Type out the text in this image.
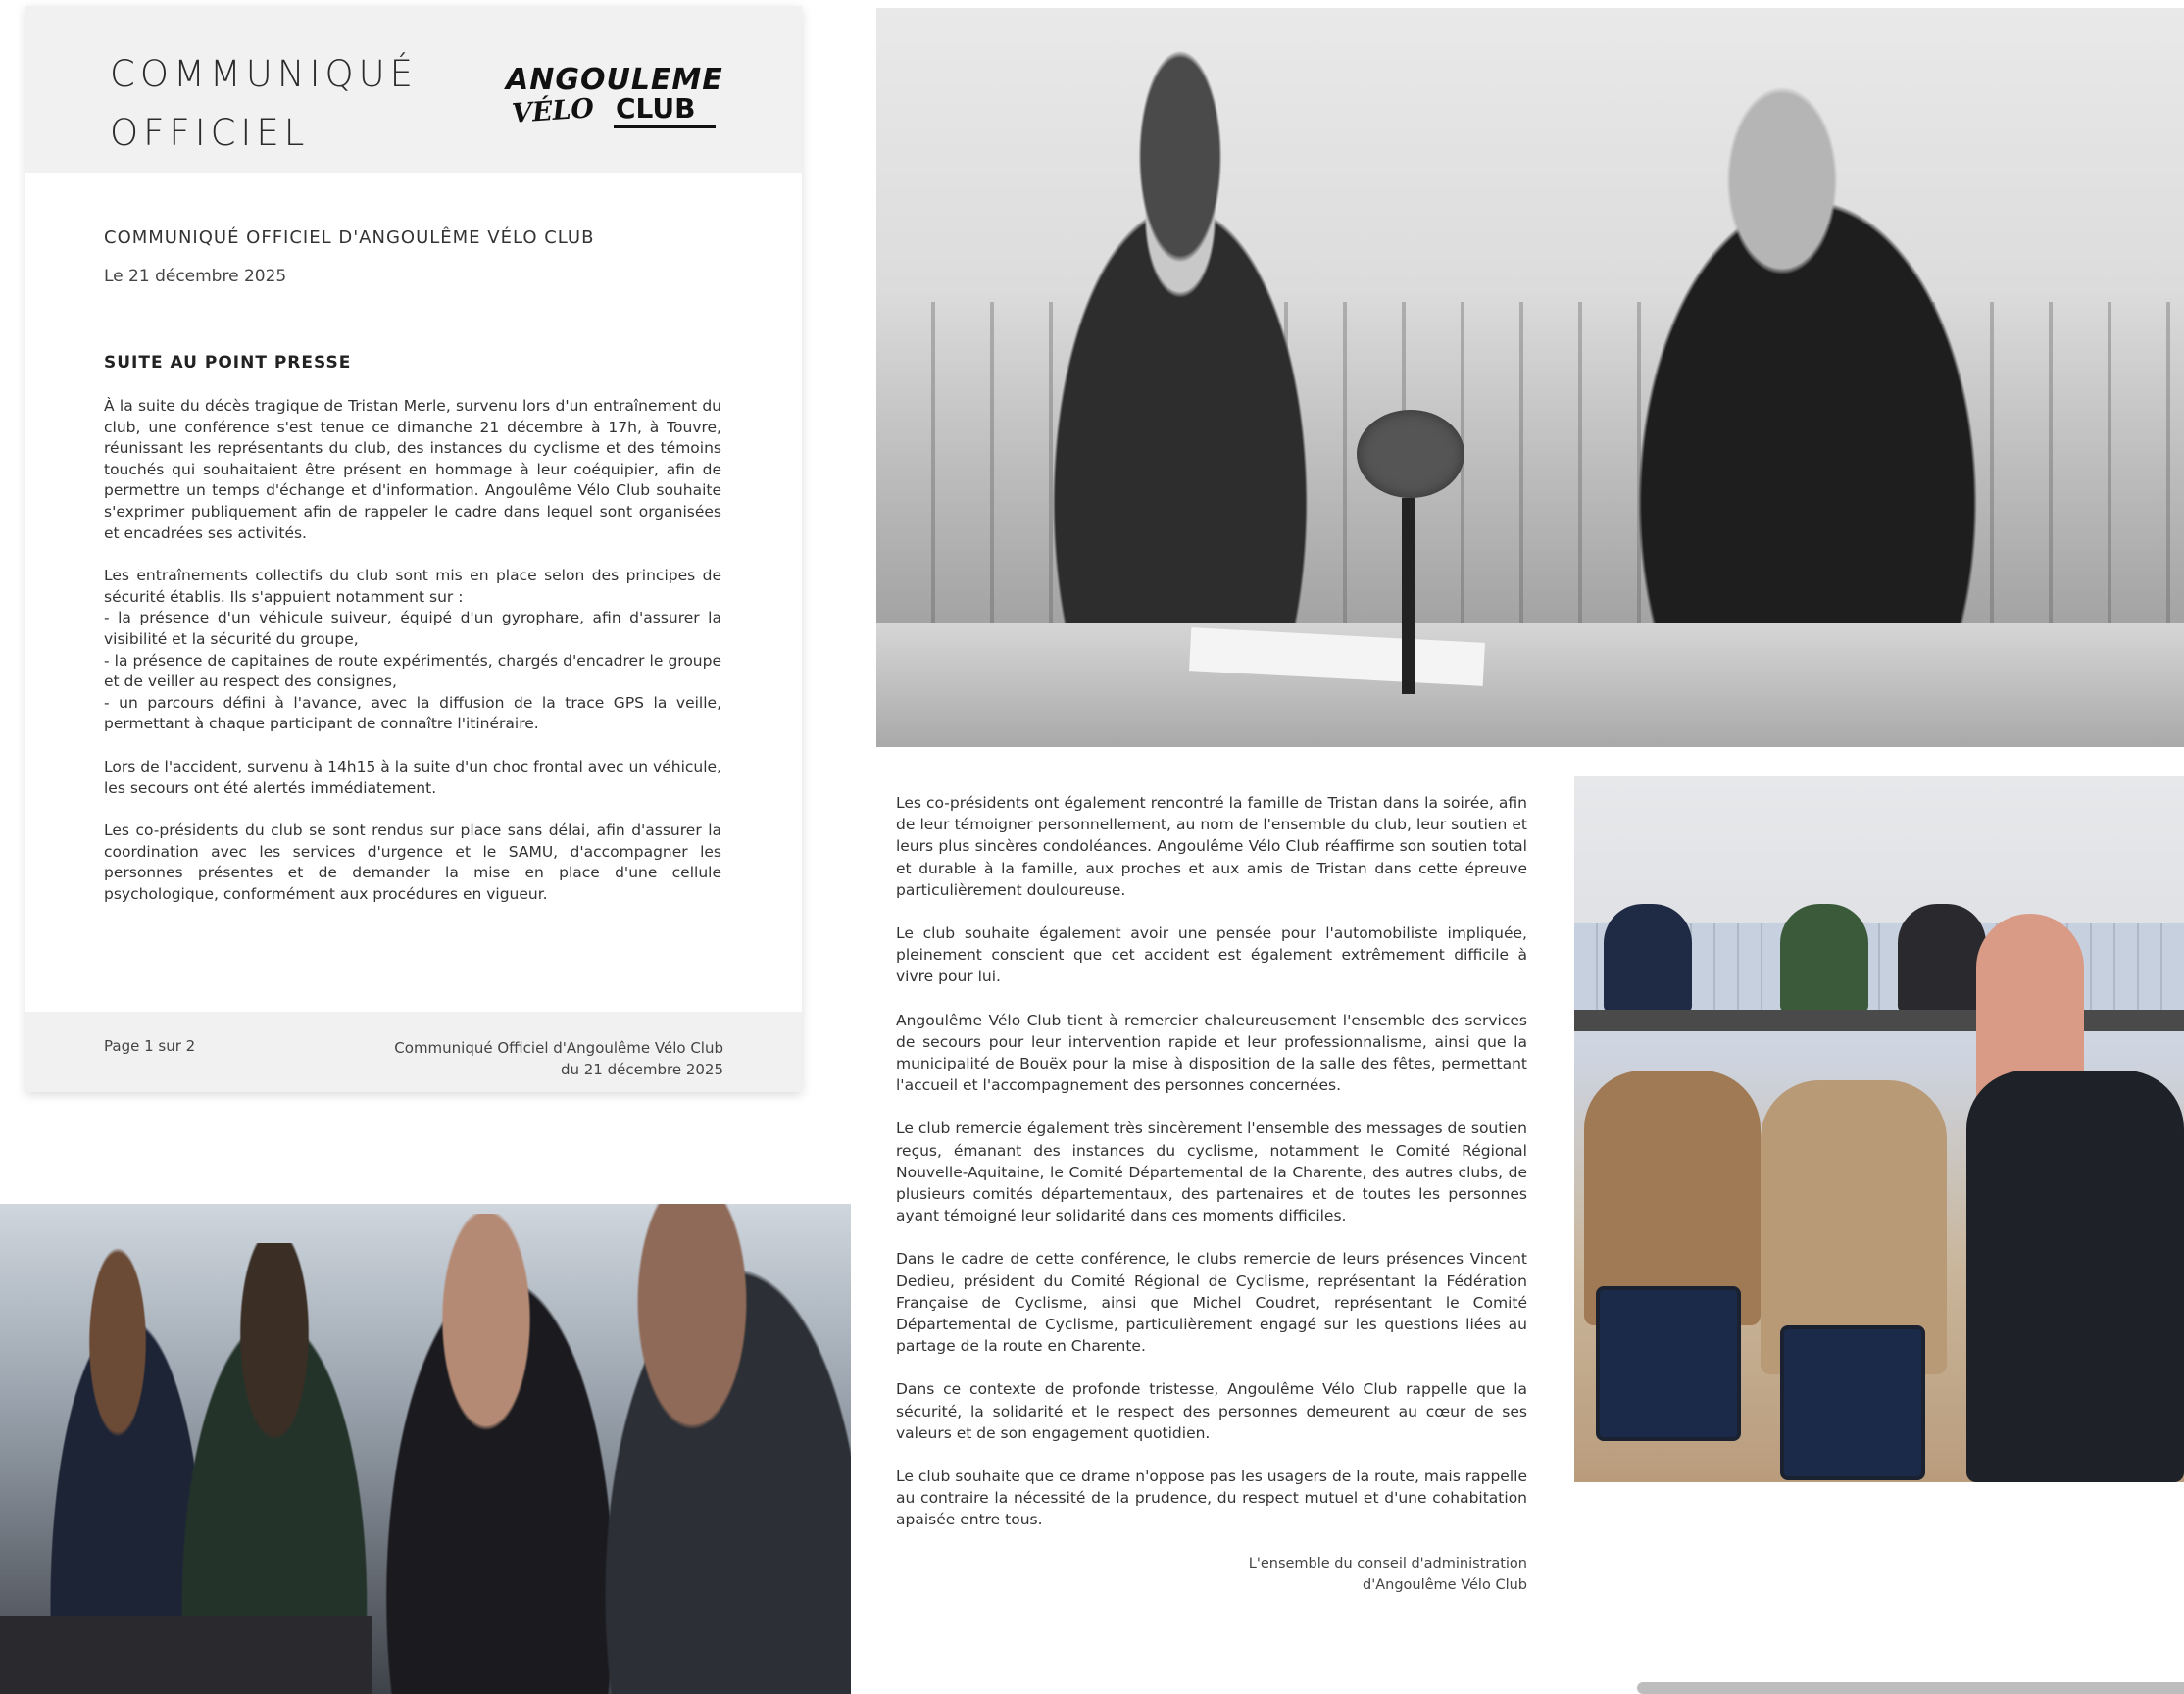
COMMUNIQUÉ
OFFICIEL
ANGOULEME
VÉLO CLUB
COMMUNIQUÉ OFFICIEL D'ANGOULÊME VÉLO CLUB
Le 21 décembre 2025
SUITE AU POINT PRESSE

À la suite du décès tragique de Tristan Merle, survenu lors d'un entraînement du club, une conférence s'est tenue ce dimanche 21 décembre à 17h, à Touvre, réunissant les représentants du club, des instances du cyclisme et des témoins touchés qui souhaitaient être présent en hommage à leur coéquipier, afin de permettre un temps d'échange et d'information. Angoulême Vélo Club souhaite s'exprimer publiquement afin de rappeler le cadre dans lequel sont organisées et encadrées ses activités.

Les entraînements collectifs du club sont mis en place selon des principes de sécurité établis. Ils s'appuient notamment sur :
- la présence d'un véhicule suiveur, équipé d'un gyrophare, afin d'assurer la visibilité et la sécurité du groupe,
- la présence de capitaines de route expérimentés, chargés d'encadrer le groupe et de veiller au respect des consignes,
- un parcours défini à l'avance, avec la diffusion de la trace GPS la veille, permettant à chaque participant de connaître l'itinéraire.

Lors de l'accident, survenu à 14h15 à la suite d'un choc frontal avec un véhicule, les secours ont été alertés immédiatement.

Les co-présidents du club se sont rendus sur place sans délai, afin d'assurer la coordination avec les services d'urgence et le SAMU, d'accompagner les personnes présentes et de demander la mise en place d'une cellule psychologique, conformément aux procédures en vigueur.

Page 1 sur 2	Communiqué Officiel d'Angoulême Vélo Club
du 21 décembre 2025

Les co-présidents ont également rencontré la famille de Tristan dans la soirée, afin de leur témoigner personnellement, au nom de l'ensemble du club, leur soutien et leurs plus sincères condoléances. Angoulême Vélo Club réaffirme son soutien total et durable à la famille, aux proches et aux amis de Tristan dans cette épreuve particulièrement douloureuse.

Le club souhaite également avoir une pensée pour l'automobiliste impliquée, pleinement conscient que cet accident est également extrêmement difficile à vivre pour lui.

Angoulême Vélo Club tient à remercier chaleureusement l'ensemble des services de secours pour leur intervention rapide et leur professionnalisme, ainsi que la municipalité de Bouëx pour la mise à disposition de la salle des fêtes, permettant l'accueil et l'accompagnement des personnes concernées.

Le club remercie également très sincèrement l'ensemble des messages de soutien reçus, émanant des instances du cyclisme, notamment le Comité Régional Nouvelle-Aquitaine, le Comité Départemental de la Charente, des autres clubs, de plusieurs comités départementaux, des partenaires et de toutes les personnes ayant témoigné leur solidarité dans ces moments difficiles.

Dans le cadre de cette conférence, le clubs remercie de leurs présences Vincent Dedieu, président du Comité Régional de Cyclisme, représentant la Fédération Française de Cyclisme, ainsi que Michel Coudret, représentant le Comité Départemental de Cyclisme, particulièrement engagé sur les questions liées au partage de la route en Charente.

Dans ce contexte de profonde tristesse, Angoulême Vélo Club rappelle que la sécurité, la solidarité et le respect des personnes demeurent au cœur de ses valeurs et de son engagement quotidien.

Le club souhaite que ce drame n'oppose pas les usagers de la route, mais rappelle au contraire la nécessité de la prudence, du respect mutuel et d'une cohabitation apaisée entre tous.

L'ensemble du conseil d'administration
d'Angoulême Vélo Club
